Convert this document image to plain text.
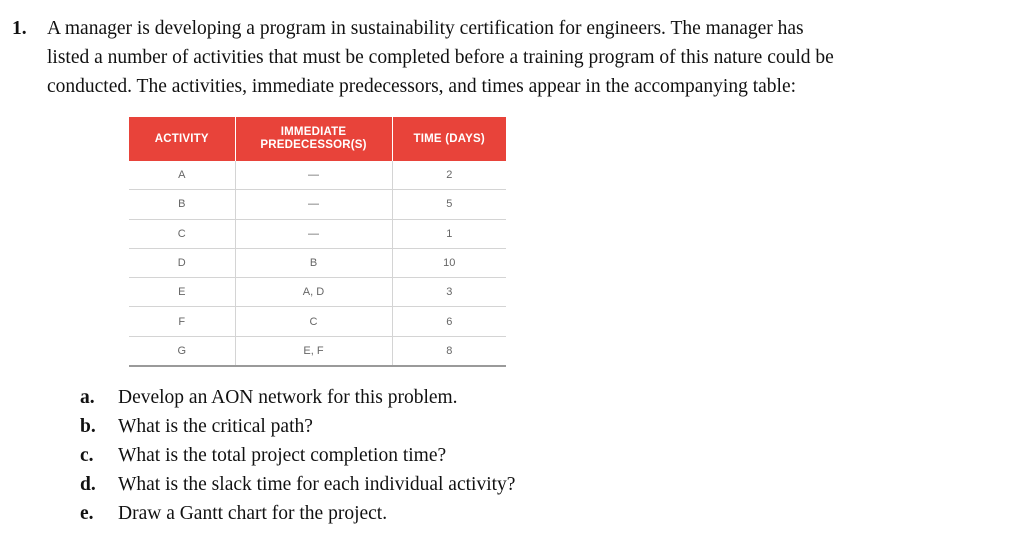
1. A manager is developing a program in sustainability certification for engineers. The manager has
listed a number of activities that must be completed before a training program of this nature could be
conducted. The activities, immediate predecessors, and times appear in the accompanying table:
ACTIVITY	IMMEDIATE PREDECESSOR(S)	TIME (DAYS)
A	—	2
B	—	5
C	—	1
D	B	10
E	A, D	3
F	C	6
G	E, F	8
a. Develop an AON network for this problem.
b. What is the critical path?
c. What is the total project completion time?
d. What is the slack time for each individual activity?
e. Draw a Gantt chart for the project.
